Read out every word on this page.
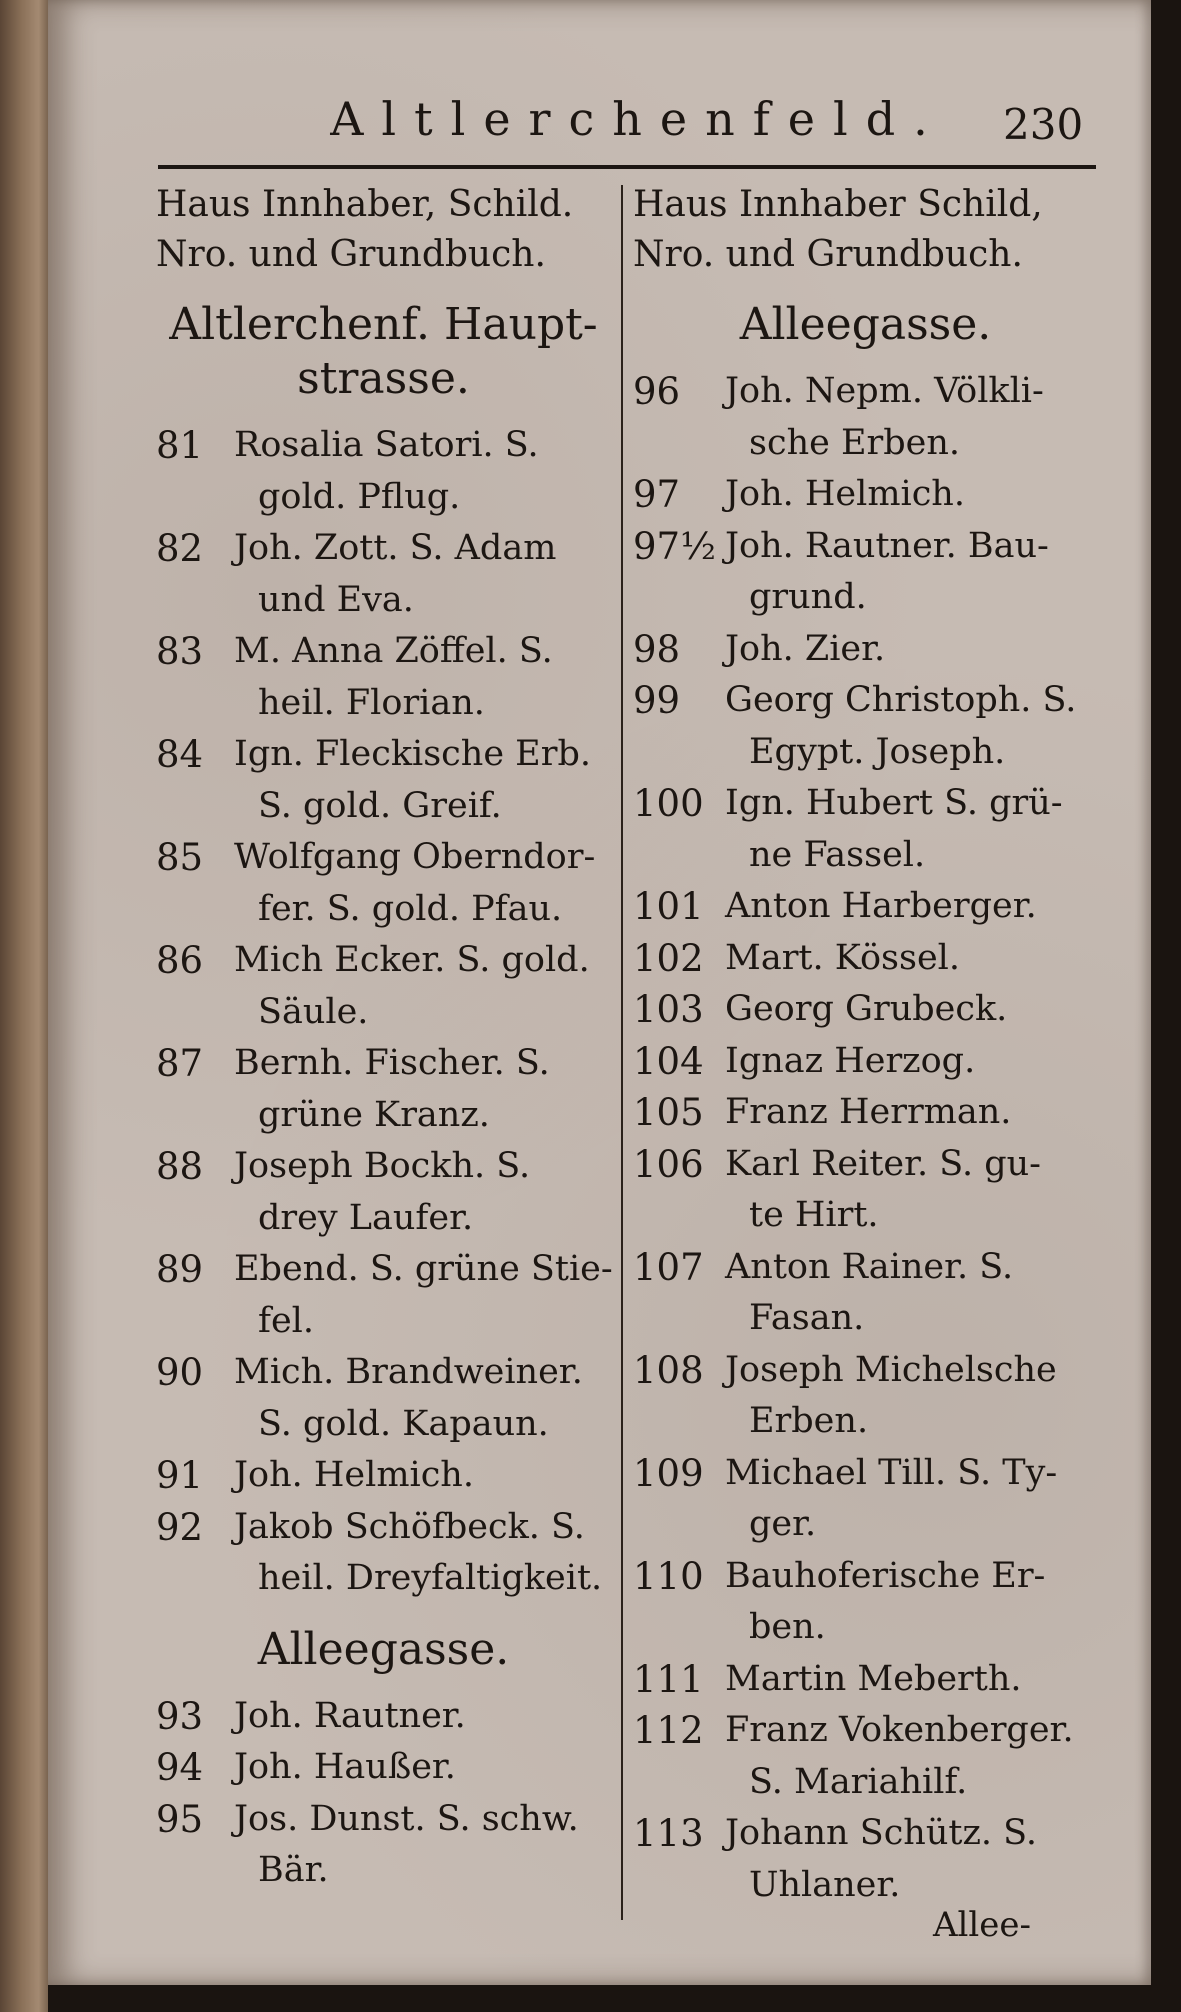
Altlerchenfeld. 230
Haus Innhaber, Schild.
Nro. und Grundbuch.
Altlerchenf. Haupt-
strasse.
81 Rosalia Satori. S.
gold. Pflug.
82 Joh. Zott. S. Adam
und Eva.
83 M. Anna Zöffel. S.
heil. Florian.
84 Ign. Fleckische Erb.
S. gold. Greif.
85 Wolfgang Oberndor-
fer. S. gold. Pfau.
86 Mich Ecker. S. gold.
Säule.
87 Bernh. Fischer. S.
grüne Kranz.
88 Joseph Bockh. S.
drey Laufer.
89 Ebend. S. grüne Stie-
fel.
90 Mich. Brandweiner.
S. gold. Kapaun.
91 Joh. Helmich.
92 Jakob Schöfbeck. S.
heil. Dreyfaltigkeit.
Alleegasse.
93 Joh. Rautner.
94 Joh. Haußer.
95 Jos. Dunst. S. schw.
Bär.
Haus Innhaber Schild,
Nro. und Grundbuch.
Alleegasse.
96	Joh. Nepm. Völkli-
sche Erben.
97	Joh. Helmich.
97½ Joh. Rautner. Bau-
grund.
98	Joh. Zier.
99	Georg Christoph. S.
Egypt. Joseph.
100 Ign. Hubert S. grü-
ne Fassel.
101 Anton Harberger.
102 Mart. Kössel.
103 Georg Grubeck.
104 Ignaz Herzog.
105 Franz Herrman.
106 Karl Reiter. S. gu-
te Hirt.
107 Anton Rainer. S.
Fasan.
108 Joseph Michelsche
Erben.
109 Michael Till. S. Ty-
ger.
110 Bauhoferische Er-
ben.
111 Martin Meberth.
112 Franz Vokenberger.
S. Mariahilf.
113 Johann Schütz. S.
Uhlaner.
Allee-
